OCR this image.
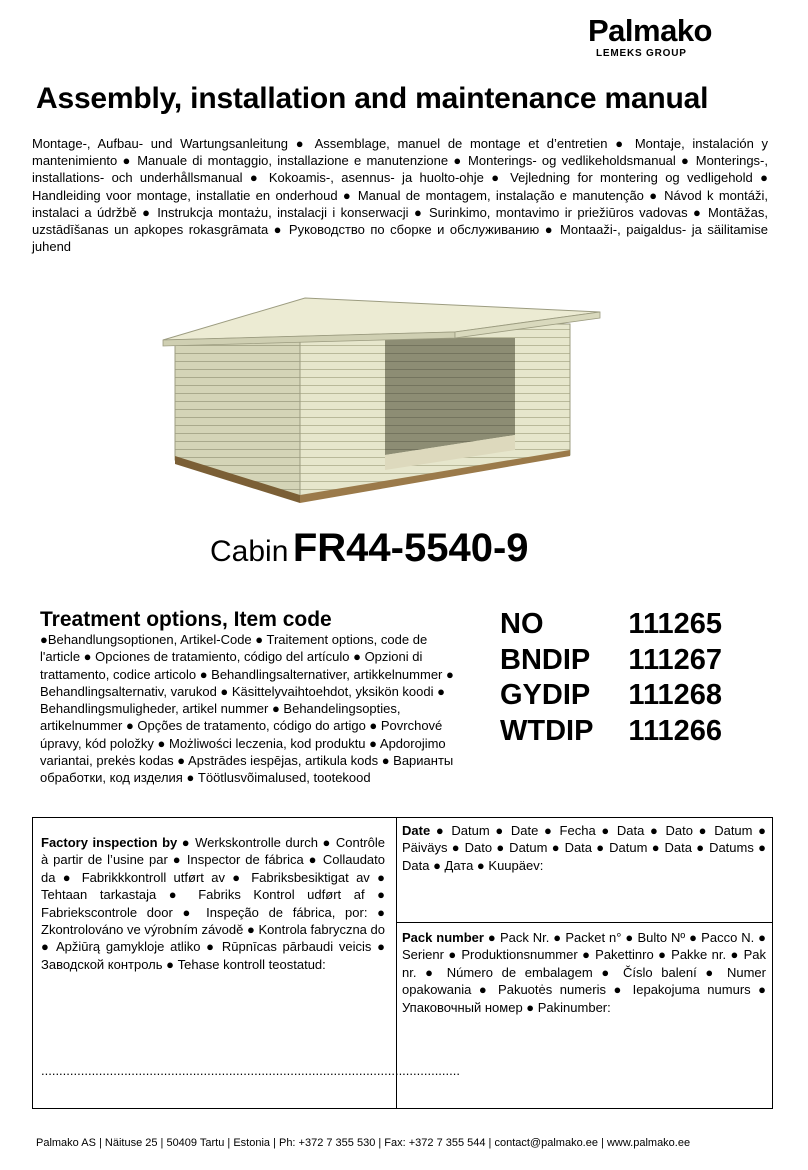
Palmako
LEMEKS GROUP
Assembly, installation and maintenance manual
Montage-, Aufbau- und Wartungsanleitung ● Assemblage, manuel de montage et d’entretien ● Montaje, instalación y mantenimiento ● Manuale di montaggio, installazione e manutenzione ● Monterings- og vedlikeholdsmanual ● Monterings-, installations- och underhållsmanual ● Kokoamis-, asennus- ja huolto-ohje ● Vejledning for montering og vedligehold ● Handleiding voor montage, installatie en onderhoud ● Manual de montagem, instalação e manutenção ● Návod k montáži, instalaci a údržbě ● Instrukcja montażu, instalacji i konserwacji ● Surinkimo, montavimo ir priežiūros vadovas ● Montāžas, uzstādīšanas un apkopes rokasgrāmata ● Руководство по сборке и обслуживанию ● Montaaži-, paigaldus- ja säilitamise juhend
Cabin FR44-5540-9
Treatment options, Item code
●Behandlungsoptionen, Artikel-Code ● Traitement options, code de l'article ● Opciones de tratamiento, código del artículo ● Opzioni di trattamento, codice articolo ● Behandlingsalternativer, artikkelnummer ● Behandlingsalternativ, varukod ● Käsittelyvaihtoehdot, yksikön koodi ● Behandlingsmuligheder, artikel nummer ● Behandelingsopties, artikelnummer ● Opções de tratamento, código do artigo ● Povrchové úpravy, kód položky ● Możliwości leczenia, kod produktu ● Apdorojimo variantai, prekės kodas ● Apstrādes iespējas, artikula kods ● Варианты обработки, код изделия ● Töötlusvõimalused, tootekood
NO	111265
BNDIP 111267
GYDIP 111268
WTDIP 111266
Factory inspection by ● Werkskontrolle durch ● Contrôle à partir de l’usine par ● Inspector de fábrica ● Collaudato da ● Fabrikkkontroll utført av ● Fabriksbesiktigat av ● Tehtaan tarkastaja ● Fabriks Kontrol udført af ● Fabriekscontrole door ● Inspeção de fábrica, por: ● Zkontrolováno ve výrobním závodě ● Kontrola fabryczna do ● Apžiūrą gamykloje atliko ● Rūpnīcas pārbaudi veicis ● Заводской контроль ● Tehase kontroll teostatud:
....................................................................................................................
Date ● Datum ● Date ● Fecha ● Data ● Dato ● Datum ● Päiväys ● Dato ● Datum ● Data ● Datum ● Data ● Datums ● Data ● Дата ● Kuupäev:
Pack number ● Pack Nr. ● Packet n° ● Bulto Nº ● Pacco N. ● Serienr ● Produktionsnummer ● Pakettinro ● Pakke nr. ● Pak nr. ● Número de embalagem ● Číslo balení ● Numer opakowania ● Pakuotės numeris ● Iepakojuma numurs ● Упаковочный номер ● Pakinumber:
Palmako AS | Näituse 25 | 50409 Tartu | Estonia | Ph: +372 7 355 530 | Fax: +372 7 355 544 | contact@palmako.ee | www.palmako.ee
